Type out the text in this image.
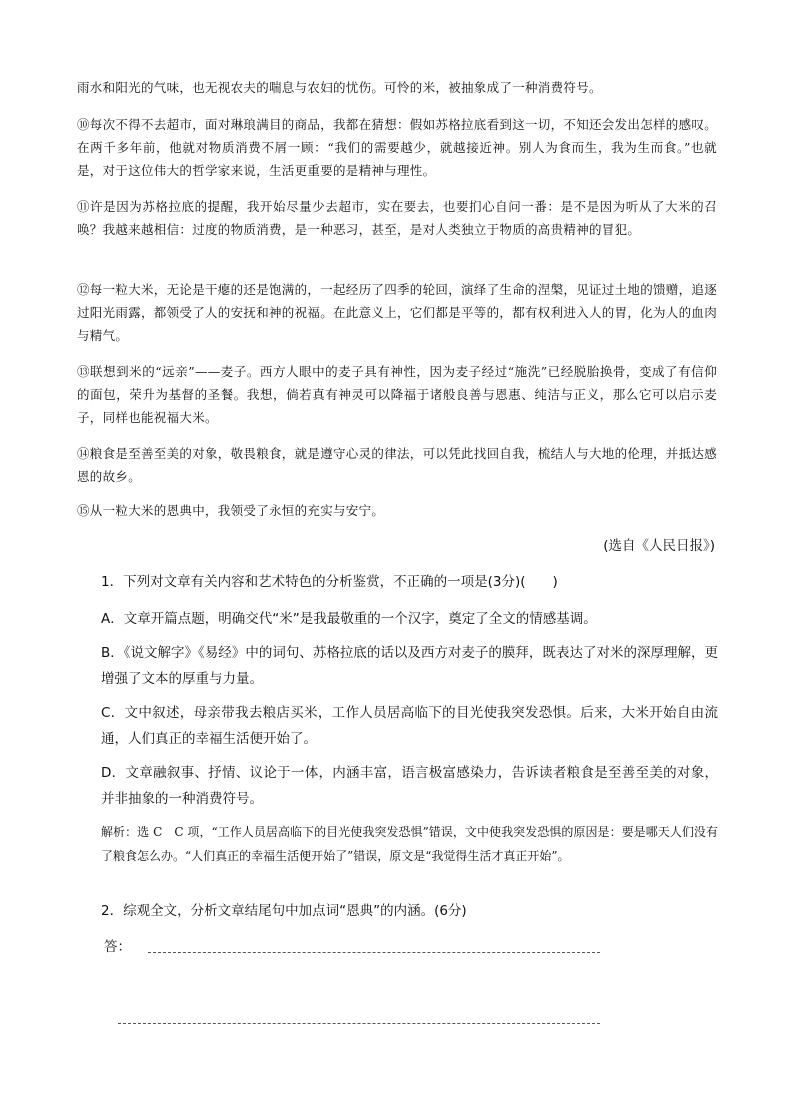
雨水和阳光的气味，也无视农夫的喘息与农妇的忧伤。可怜的米，被抽象成了一种消费符号。

⑩每次不得不去超市，面对琳琅满目的商品，我都在猜想：假如苏格拉底看到这一切，不知还会发出怎样的感叹。在两千多年前，他就对物质消费不屑一顾：“我们的需要越少，就越接近神。别人为食而生，我为生而食。”也就是，对于这位伟大的哲学家来说，生活更重要的是精神与理性。

⑪许是因为苏格拉底的提醒，我开始尽量少去超市，实在要去，也要扪心自问一番：是不是因为听从了大米的召唤？我越来越相信：过度的物质消费，是一种恶习，甚至，是对人类独立于物质的高贵精神的冒犯。

⑫每一粒大米，无论是干瘪的还是饱满的，一起经历了四季的轮回，演绎了生命的涅槃，见证过土地的馈赠，追逐过阳光雨露，都领受了人的安抚和神的祝福。在此意义上，它们都是平等的，都有权利进入人的胃，化为人的血肉与精气。

⑬联想到米的“远亲”——麦子。西方人眼中的麦子具有神性，因为麦子经过“施洗”已经脱胎换骨，变成了有信仰的面包，荣升为基督的圣餐。我想，倘若真有神灵可以降福于诸般良善与恩惠、纯洁与正义，那么它可以启示麦子，同样也能祝福大米。

⑭粮食是至善至美的对象，敬畏粮食，就是遵守心灵的律法，可以凭此找回自我，梳结人与大地的伦理，并抵达感恩的故乡。

⑮从一粒大米的恩典中，我领受了永恒的充实与安宁。

(选自《人民日报》)

1．下列对文章有关内容和艺术特色的分析鉴赏，不正确的一项是(3分)(　　)

A．文章开篇点题，明确交代“米”是我最敬重的一个汉字，奠定了全文的情感基调。

B．《说文解字》《易经》中的词句、苏格拉底的话以及西方对麦子的膜拜，既表达了对米的深厚理解，更增强了文本的厚重与力量。

C．文中叙述，母亲带我去粮店买米，工作人员居高临下的目光使我突发恐惧。后来，大米开始自由流通，人们真正的幸福生活便开始了。

D．文章融叙事、抒情、议论于一体，内涵丰富，语言极富感染力，告诉读者粮食是至善至美的对象，并非抽象的一种消费符号。

解析：选 C　C 项，“工作人员居高临下的目光使我突发恐惧”错误，文中使我突发恐惧的原因是：要是哪天人们没有了粮食怎么办。“人们真正的幸福生活便开始了”错误，原文是“我觉得生活才真正开始”。

2．综观全文，分析文章结尾句中加点词“恩典”的内涵。(6分)

答：
